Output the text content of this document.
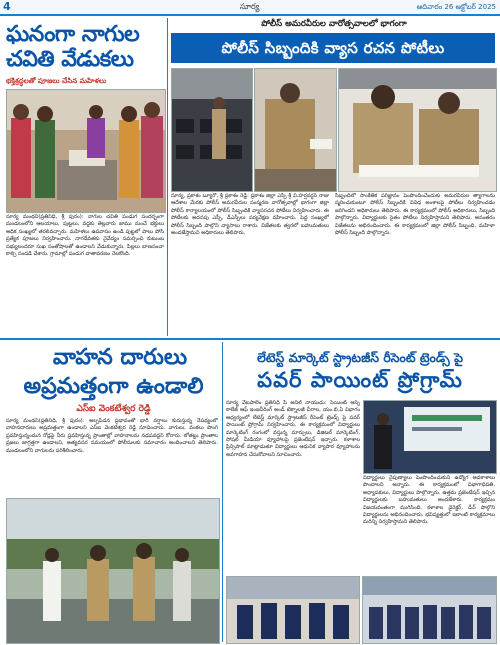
4	సూర్య	ఆదివారం 26 అక్టోబర్ 2025
ఘనంగా నాగుల
చవితి వేడుకలు
భక్తిశ్రద్ధలతో పూజలు చేసిన మహిళలు
సూర్య మంథని(ప్రతినిధి, శ్రీ పురం): నాగుల చవితి పండుగ సందర్భంగా మండలంలోని ఆలయాలు, పుట్టలు, వద్దకు తెల్లవారు జాము నుంచే భక్తులు అధిక సంఖ్యలో తరలివచ్చారు. మహిళలు ఉపవాసం ఉండి పుట్టలో పాలు పోసి ప్రత్యేక పూజలు నిర్వహించారు. నాగదేవతకు నైవేద్యం సమర్పించి కుటుంబ సభ్యులందరూ సుఖ సంతోషాలతో ఉండాలని వేడుకున్నారు. పిల్లలు బాణసంచా కాల్చి సందడి చేశారు. గ్రామాల్లో పండుగ వాతావరణం నెలకొంది.
పోలీస్ అమరవీరుల వారోత్సవాలలో భాగంగా
పోలీస్ సిబ్బందికి వ్యాస రచన పోటీలు
సూర్య, ప్రకాశం బ్యూరో, శ్రీ ప్రకాశం రెడ్డి: ప్రకాశం జిల్లా ఎస్పీ శ్రీ వి.హర్షవర్ధన్ రాజు ఆదేశాల మేరకు పోలీస్ అమరవీరుల సంస్మరణ వారోత్సవాల్లో భాగంగా జిల్లా పోలీస్ కార్యాలయంలో పోలీస్ సిబ్బందికి వ్యాసరచన పోటీలు నిర్వహించారు. ఈ పోటీలకు అదనపు ఎస్పీ, డీఎస్పీలు పర్యవేక్షణ వహించారు. పెద్ద సంఖ్యలో పోలీస్ సిబ్బంది పాల్గొని వ్యాసాలు రాశారు. విజేతలకు త్వరలో బహుమతులు అందజేస్తామని అధికారులు తెలిపారు.
సిబ్బందిలో సాంకేతిక పరిజ్ఞానం పెంపొందించేందుకు అమరవీరుల త్యాగాలను స్మరించుకుంటూ పోలీస్ సిబ్బందికి వివిధ అంశాలపై పోటీలు నిర్వహించడం జరిగిందని అధికారులు తెలిపారు. ఈ కార్యక్రమంలో పోలీస్ అధికారులు, సిబ్బంది పాల్గొన్నారు. విద్యార్థులకు సైతం పోటీలు నిర్వహిస్తామని తెలిపారు. అనంతరం విజేతలను అభినందించారు. ఈ కార్యక్రమంలో జిల్లా పోలీస్ సిబ్బంది, మహిళా పోలీస్ సిబ్బంది పాల్గొన్నారు.
వాహన దారులు
అప్రమత్తంగా ఉండాలి
ఎస్ఐ వెంకటేశ్వర రెడ్డి
సూర్య మంథని(ప్రతినిధి, శ్రీ పురం): అల్పపీడన ప్రభావంతో భారీ వర్షాలు కురుస్తున్న నేపథ్యంలో వాహనదారులు అప్రమత్తంగా ఉండాలని ఎస్ఐ వెంకటేశ్వర రెడ్డి సూచించారు. వాగులు, వంకలు పొంగి ప్రవహిస్తున్నందున రోడ్లపై నీరు ప్రవహిస్తున్న ప్రాంతాల్లో వాహనాలను నడపవద్దని కోరారు. లోతట్టు ప్రాంతాల ప్రజలు జాగ్రత్తగా ఉండాలని, అత్యవసర సమయంలో పోలీసులకు సమాచారం అందించాలని తెలిపారు. మండలంలోని వాగులను పరిశీలించారు.
లేటెస్ట్ మార్కెట్ స్ట్రాటజీస్ రీసెంట్ ట్రెండ్స్ పై
పవర్ పాయింట్ ప్రోగ్రామ్
సూర్య వేటపాలెం ప్రతినిధి పి అనిల్ నాయుడు: సెయింట్ ఆన్స్ కాలేజ్ ఆఫ్ ఇంజనీరింగ్ అండ్ టెక్నాలజీ చీరాల, యం.బి.ఏ విభాగం ఆధ్వర్యంలో లేటెస్ట్ మార్కెట్ స్ట్రాటజీస్ రీసెంట్ ట్రెండ్స్ పై పవర్ పాయింట్ ప్రోగ్రామ్ నిర్వహించారు. ఈ కార్యక్రమంలో విద్యార్థులు మార్కెటింగ్ రంగంలో వస్తున్న మార్పులు, డిజిటల్ మార్కెటింగ్, సోషల్ మీడియా వ్యూహాలపై ప్రజెంటేషన్ ఇచ్చారు. కళాశాల ప్రిన్సిపాల్ మాట్లాడుతూ విద్యార్థులు ఆధునిక వ్యాపార వ్యూహాలను అవగాహన చేసుకోవాలని సూచించారు.
విద్యార్థులు నైపుణ్యాలు పెంపొందించుకుని ఉద్యోగ అవకాశాలు పొందాలని అన్నారు. ఈ కార్యక్రమంలో విభాగాధిపతి, అధ్యాపకులు, విద్యార్థులు పాల్గొన్నారు. ఉత్తమ ప్రజెంటేషన్ ఇచ్చిన విద్యార్థులకు బహుమతులు అందజేశారు. కార్యక్రమం విజయవంతంగా ముగిసింది. కళాశాల డైరెక్టర్, డీన్ పాల్గొని విద్యార్థులను అభినందించారు. భవిష్యత్తులో ఇలాంటి కార్యక్రమాలు మరిన్ని నిర్వహిస్తామని తెలిపారు.
